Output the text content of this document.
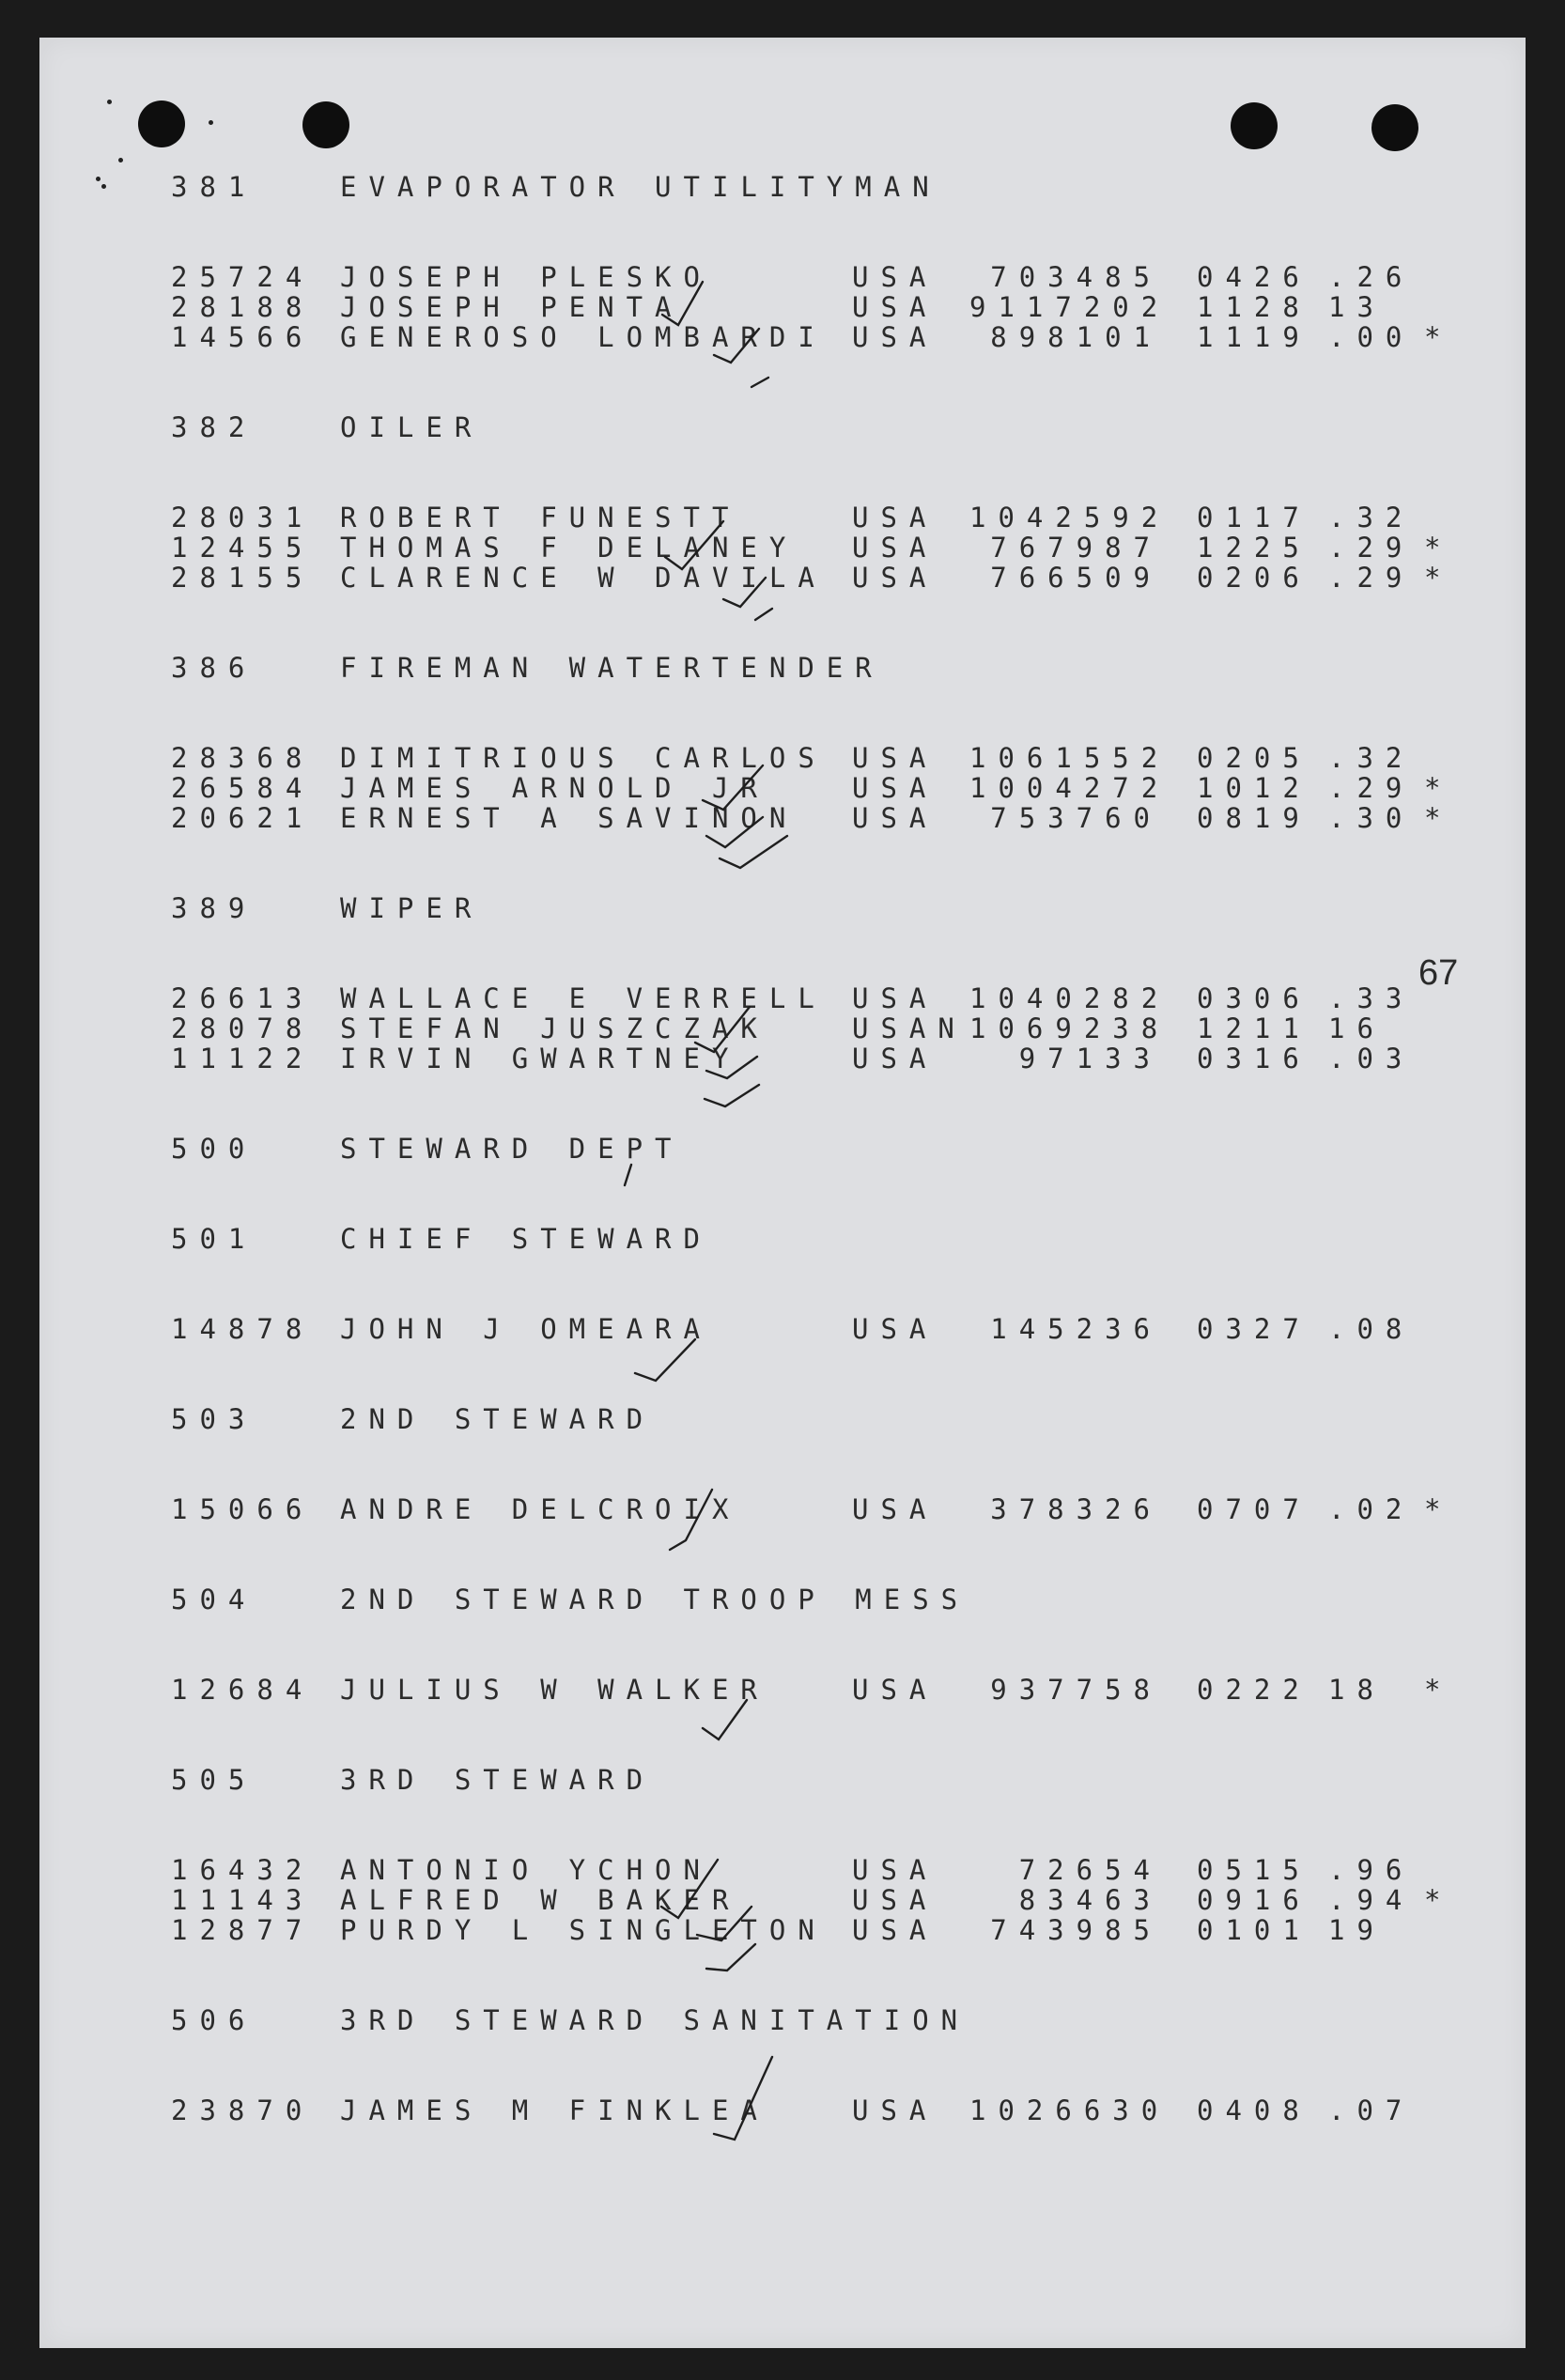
67
381	EVAPORATOR UTILITYMAN
25724 JOSEPH PLESKO	USA	703485 0426 .26
28188 JOSEPH PENTA	USA 9117202 1128 13
14566 GENEROSO LOMBARDI USA	898101 1119 .00 *
382	OILER
28031 ROBERT FUNESTT	USA 1042592 0117 .32
12455 THOMAS F DELANEY USA	767987 1225 .29 *
28155 CLARENCE W DAVILA USA	766509 0206 .29 *
386	FIREMAN WATERTENDER
28368 DIMITRIOUS CARLOS USA 1061552 0205 .32
26584 JAMES ARNOLD JR	USA 1004272 1012 .29 *
20621 ERNEST A SAVINON USA	753760 0819 .30 *
389	WIPER
26613 WALLACE E VERRELL USA 1040282 0306 .33
28078 STEFAN JUSZCZAK	USAN 1069238 1211 16
11122 IRVIN GWARTNEY	USA	97133 0316 .03
500	STEWARD DEPT
501	CHIEF STEWARD
14878 JOHN J OMEARA	USA	145236 0327 .08
503	2ND STEWARD
15066 ANDRE DELCROIX	USA	378326 0707 .02 *
504	2ND STEWARD TROOP MESS
12684 JULIUS W WALKER	USA	937758 0222 18 *
505	3RD STEWARD
16432 ANTONIO YCHON	USA	72654 0515 .96
11143 ALFRED W BAKER	USA	83463 0916 .94 *
12877 PURDY L SINGLETON USA	743985 0101 19
506	3RD STEWARD SANITATION
23870 JAMES M FINKLEA	USA 1026630 0408 .07
